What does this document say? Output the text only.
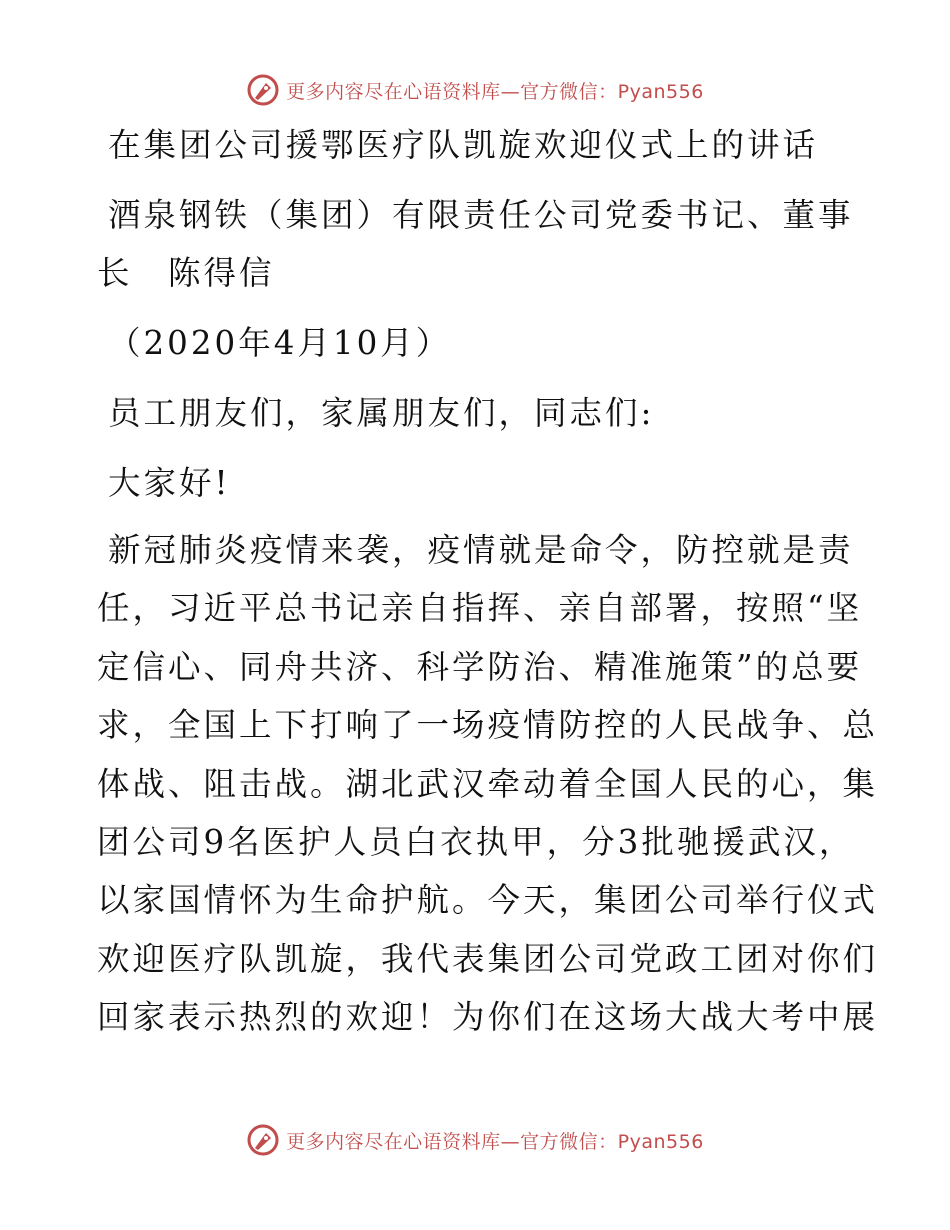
更多内容尽在心语资料库—官方微信：Pyan556

在集团公司援鄂医疗队凯旋欢迎仪式上的讲话

酒泉钢铁（集团）有限责任公司党委书记、董事

长　陈得信

（2020年4月10月）

员工朋友们，家属朋友们，同志们:

大家好!

新冠肺炎疫情来袭，疫情就是命令，防控就是责

任，习近平总书记亲自指挥、亲自部署，按照“坚

定信心、同舟共济、科学防治、精准施策”的总要

求，全国上下打响了一场疫情防控的人民战争、总

体战、阻击战。湖北武汉牵动着全国人民的心，集

团公司9名医护人员白衣执甲，分3批驰援武汉，

以家国情怀为生命护航。今天，集团公司举行仪式

欢迎医疗队凯旋，我代表集团公司党政工团对你们

回家表示热烈的欢迎！为你们在这场大战大考中展

更多内容尽在心语资料库—官方微信：Pyan556
